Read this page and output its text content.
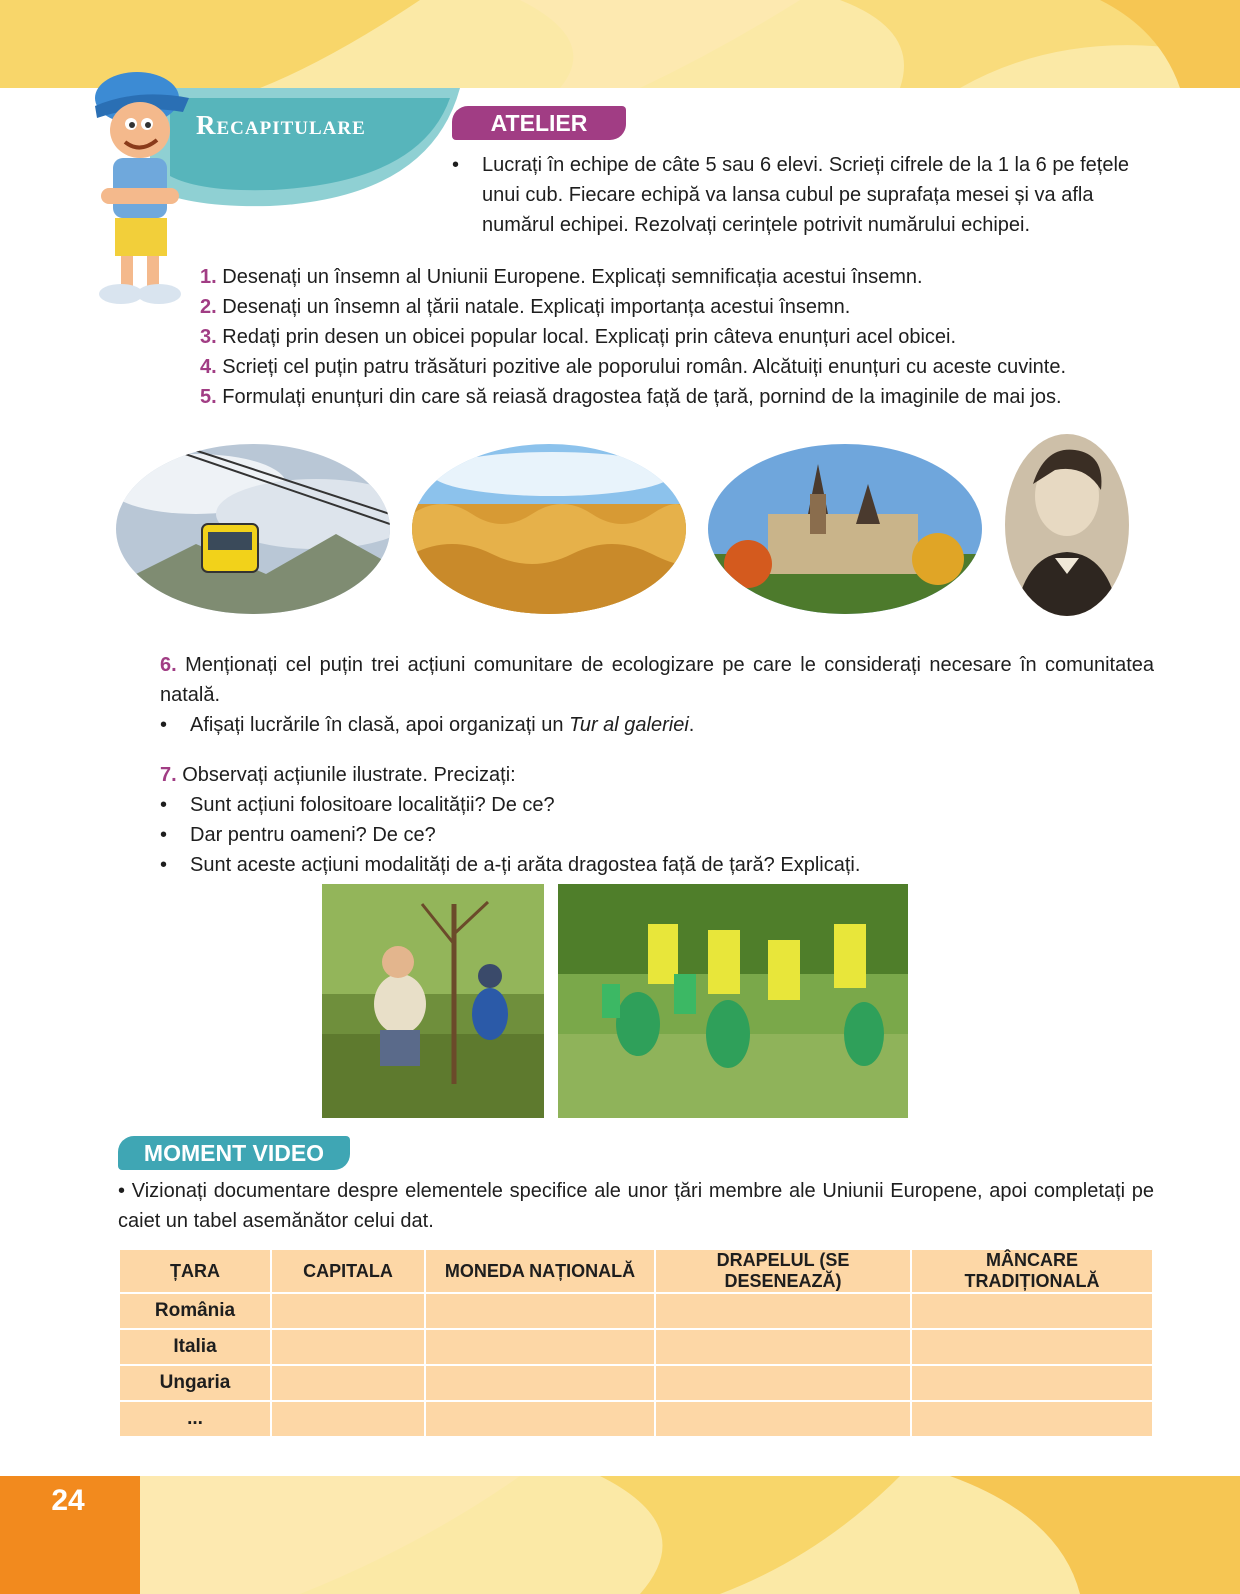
24
Recapitulare	ATELIER
•	Lucrați în echipe de câte 5 sau 6 elevi. Scrieți cifrele de la 1 la 6 pe fețele unui cub. Fiecare echipă va lansa cubul pe suprafața mesei și va afla numărul echipei. Rezolvați cerințele potrivit numărului echipei.
1. Desenați un însemn al Uniunii Europene. Explicați semnificația acestui însemn.
2. Desenați un însemn al țării natale. Explicați importanța acestui însemn.
3. Redați prin desen un obicei popular local. Explicați prin câteva enunțuri acel obicei.
4. Scrieți cel puțin patru trăsături pozitive ale poporului român. Alcătuiți enunțuri cu aceste cuvinte.
5. Formulați enunțuri din care să reiasă dragostea față de țară, pornind de la imaginile de mai jos.
6. Menționați cel puțin trei acțiuni comunitare de ecologizare pe care le considerați necesare în comunitatea natală.
•	Afișați lucrările în clasă, apoi organizați un Tur al galeriei.
7. Observați acțiunile ilustrate. Precizați:
•	Sunt acțiuni folositoare localității? De ce?
•	Dar pentru oameni? De ce?
•	Sunt aceste acțiuni modalități de a-ți arăta dragostea față de țară? Explicați.
MOMENT VIDEO
• Vizionați documentare despre elementele specifice ale unor țări membre ale Uniunii Europene, apoi completați pe caiet un tabel asemănător celui dat.
ȚARA	CAPITALA	MONEDA NAȚIONALĂ	DRAPELUL (SE DESENEAZĂ)	MÂNCARE TRADIȚIONALĂ
România				
Italia				
Ungaria				
...				
